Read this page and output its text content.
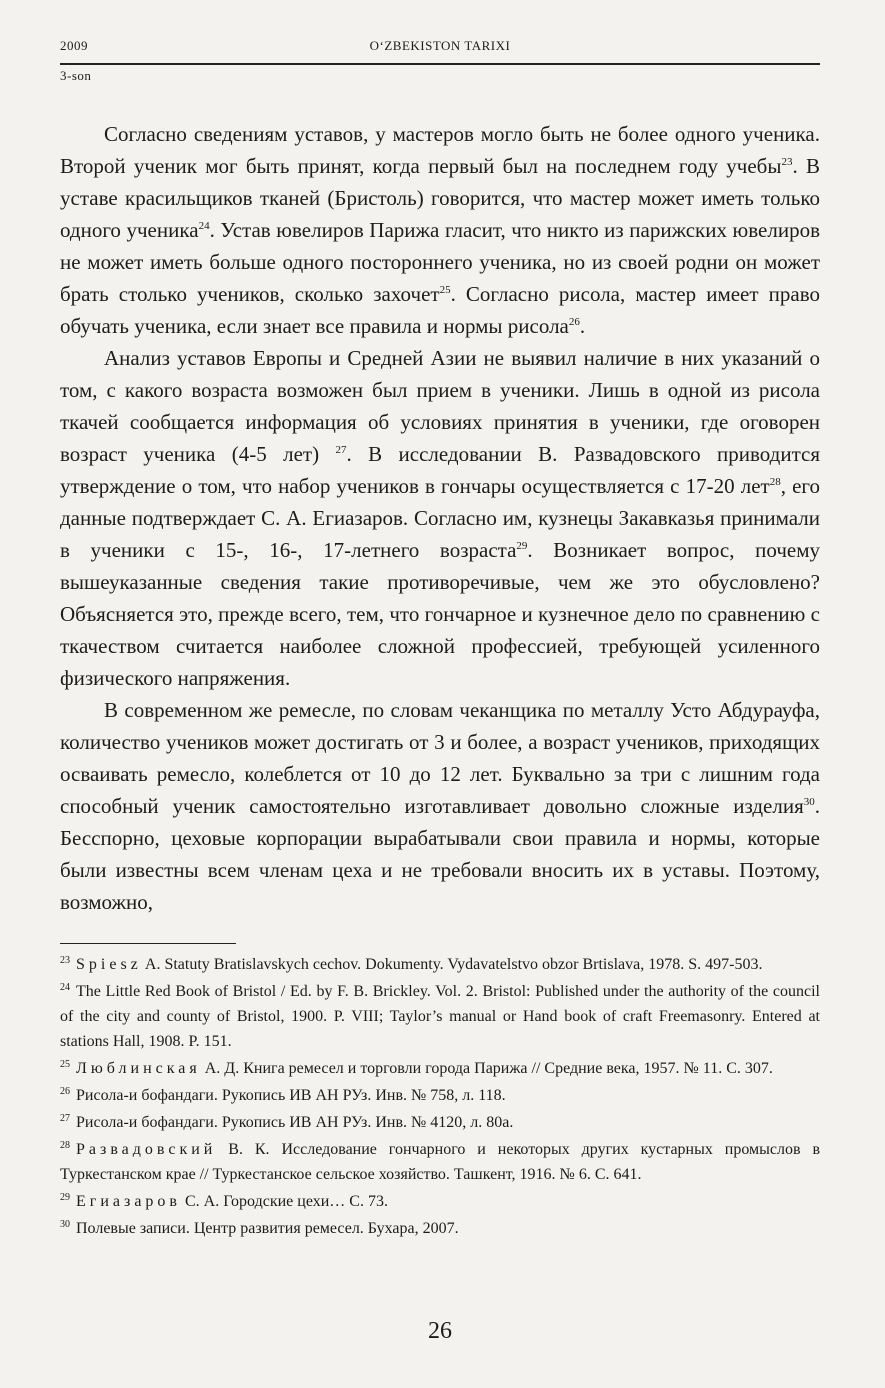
2009	O‘ZBEKISTON TARIXI
3-son

Согласно сведениям уставов, у мастеров могло быть не более одного ученика. Второй ученик мог быть принят, когда первый был на последнем году учебы$^{23}$. В уставе красильщиков тканей (Бристоль) говорится, что мастер может иметь только одного ученика$^{24}$. Устав ювелиров Парижа гласит, что никто из парижских ювелиров не может иметь больше одного постороннего ученика, но из своей родни он может брать столько учеников, сколько захочет$^{25}$. Согласно рисола, мастер имеет право обучать ученика, если знает все правила и нормы рисола$^{26}$.

Анализ уставов Европы и Средней Азии не выявил наличие в них указаний о том, с какого возраста возможен был прием в ученики. Лишь в одной из рисола ткачей сообщается информация об условиях принятия в ученики, где оговорен возраст ученика (4-5 лет) $^{27}$. В исследовании В. Развадовского приводится утверждение о том, что набор учеников в гончары осуществляется с 17-20 лет$^{28}$, его данные подтверждает С. А. Егиазаров. Согласно им, кузнецы Закавказья принимали в ученики с 15-, 16-, 17-летнего возраста$^{29}$. Возникает вопрос, почему вышеуказанные сведения такие противоречивые, чем же это обусловлено? Объясняется это, прежде всего, тем, что гончарное и кузнечное дело по сравнению с ткачеством считается наиболее сложной профессией, требующей усиленного физического напряжения.

В современном же ремесле, по словам чеканщика по металлу Усто Абдурауфа, количество учеников может достигать от 3 и более, а возраст учеников, приходящих осваивать ремесло, колеблется от 10 до 12 лет. Буквально за три с лишним года способный ученик самостоятельно изготавливает довольно сложные изделия$^{30}$. Бесспорно, цеховые корпорации вырабатывали свои правила и нормы, которые были известны всем членам цеха и не требовали вносить их в уставы. Поэтому, возможно,

$^{23}$ Spiesz A. Statuty Bratislavskych cechov. Dokumenty. Vydavatelstvo obzor Brtislava, 1978. S. 497-503.

$^{24}$ The Little Red Book of Bristol / Ed. by F. B. Brickley. Vol. 2. Bristol: Published under the authority of the council of the city and county of Bristol, 1900. P. VIII; Taylor’s manual or Hand book of craft Freemasonry. Entered at stations Hall, 1908. P. 151.

$^{25}$ Люблинская А. Д. Книга ремесел и торговли города Парижа // Средние века, 1957. № 11. С. 307.

$^{26}$ Рисола-и бофандаги. Рукопись ИВ АН РУз. Инв. № 758, л. 118.

$^{27}$ Рисола-и бофандаги. Рукопись ИВ АН РУз. Инв. № 4120, л. 80а.

$^{28}$ Развадовский В. К. Исследование гончарного и некоторых других кустарных промыслов в Туркестанском крае // Туркестанское сельское хозяйство. Ташкент, 1916. № 6. С. 641.

$^{29}$ Егиазаров С. А. Городские цехи… С. 73.

$^{30}$ Полевые записи. Центр развития ремесел. Бухара, 2007.

26
